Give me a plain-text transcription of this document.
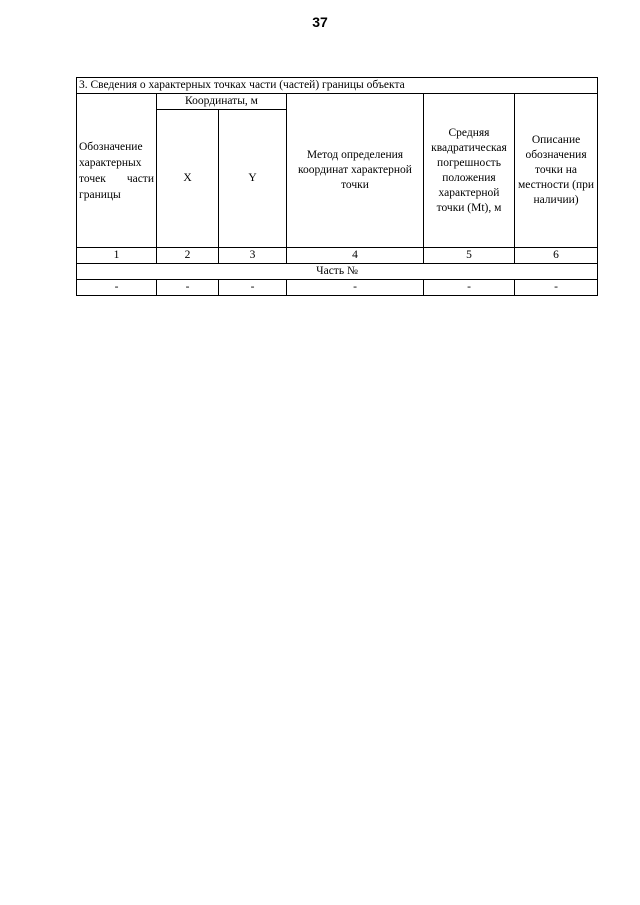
37
3. Сведения о характерных точках части (частей) границы объекта					
Обозначение характерных точек части границы	Координаты, м		Метод определения координат характерной точки	Средняя квадратическая погрешность положения характерной точки (Mt), м	Описание обозначения точки на местности (при наличии)
	X	Y			
1	2	3	4	5	6
Часть №					
-	-	-	-	-	-
